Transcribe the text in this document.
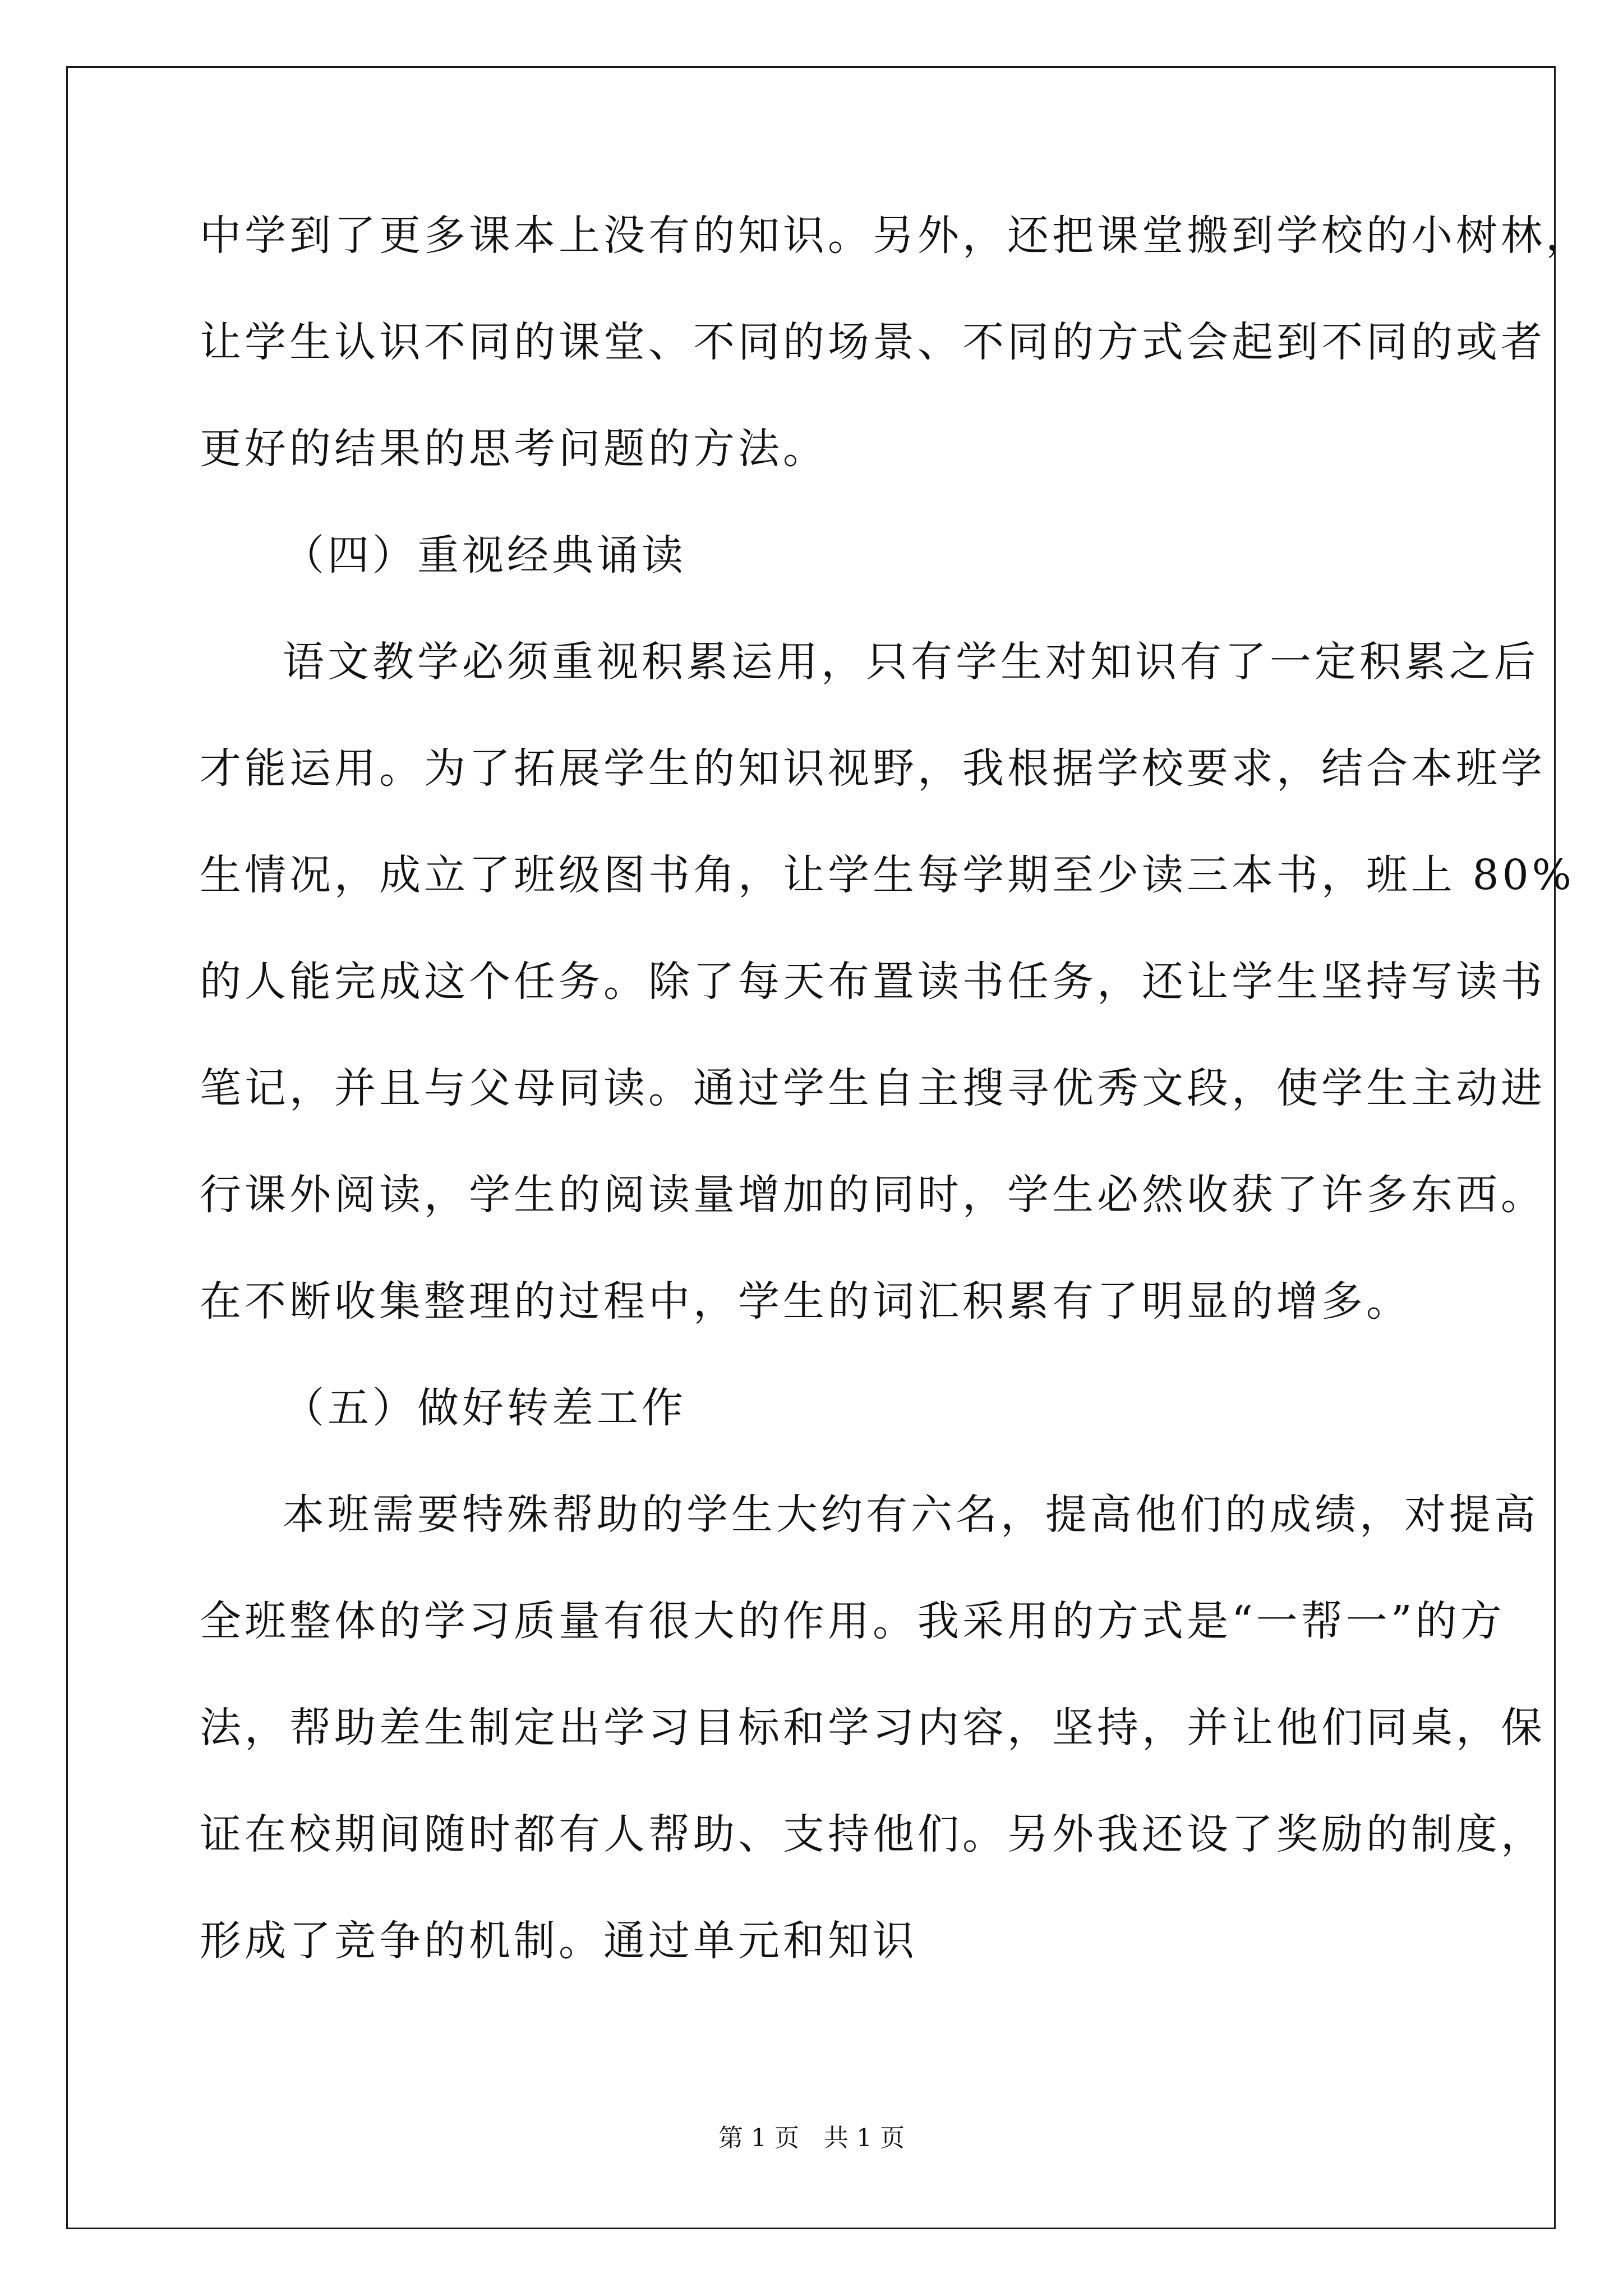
中学到了更多课本上没有的知识。另外，还把课堂搬到学校的小树林，
让学生认识不同的课堂、不同的场景、不同的方式会起到不同的或者
更好的结果的思考问题的方法。
（四）重视经典诵读
语文教学必须重视积累运用，只有学生对知识有了一定积累之后
才能运用。为了拓展学生的知识视野，我根据学校要求，结合本班学
生情况，成立了班级图书角，让学生每学期至少读三本书，班上 80%
的人能完成这个任务。除了每天布置读书任务，还让学生坚持写读书
笔记，并且与父母同读。通过学生自主搜寻优秀文段，使学生主动进
行课外阅读，学生的阅读量增加的同时，学生必然收获了许多东西。
在不断收集整理的过程中，学生的词汇积累有了明显的增多。
（五）做好转差工作
本班需要特殊帮助的学生大约有六名，提高他们的成绩，对提高
全班整体的学习质量有很大的作用。我采用的方式是“一帮一”的方
法，帮助差生制定出学习目标和学习内容，坚持，并让他们同桌，保
证在校期间随时都有人帮助、支持他们。另外我还设了奖励的制度，
形成了竞争的机制。通过单元和知识
第 1 页　共 1 页
